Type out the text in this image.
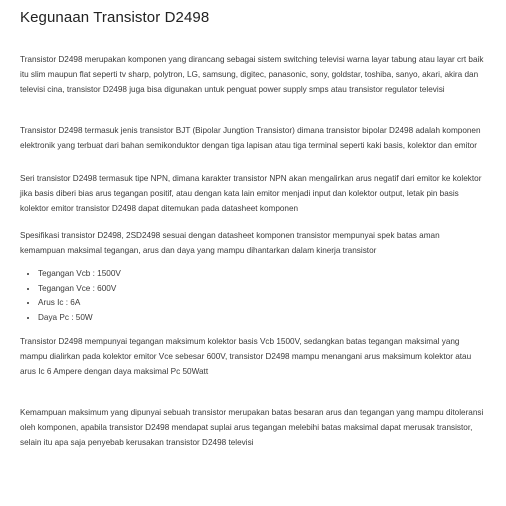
Kegunaan Transistor D2498

Transistor D2498 merupakan komponen yang dirancang sebagai sistem switching televisi warna layar tabung atau layar crt baik itu slim maupun flat seperti tv sharp, polytron, LG, samsung, digitec, panasonic, sony, goldstar, toshiba, sanyo, akari, akira dan televisi cina, transistor D2498 juga bisa digunakan untuk penguat power supply smps atau transistor regulator televisi

Transistor D2498 termasuk jenis transistor BJT (Bipolar Jungtion Transistor) dimana transistor bipolar D2498 adalah komponen elektronik yang terbuat dari bahan semikonduktor dengan tiga lapisan atau tiga terminal seperti kaki basis, kolektor dan emitor

Seri transistor D2498 termasuk tipe NPN, dimana karakter transistor NPN akan mengalirkan arus negatif dari emitor ke kolektor jika basis diberi bias arus tegangan positif, atau dengan kata lain emitor menjadi input dan kolektor output, letak pin basis kolektor emitor transistor D2498 dapat ditemukan pada datasheet komponen

Spesifikasi transistor D2498, 2SD2498 sesuai dengan datasheet komponen transistor mempunyai spek batas aman kemampuan maksimal tegangan, arus dan daya yang mampu dihantarkan dalam kinerja transistor

• Tegangan Vcb : 1500V
• Tegangan Vce : 600V
• Arus Ic : 6A
• Daya Pc : 50W

Transistor D2498 mempunyai tegangan maksimum kolektor basis Vcb 1500V, sedangkan batas tegangan maksimal yang mampu dialirkan pada kolektor emitor Vce sebesar 600V, transistor D2498 mampu menangani arus maksimum kolektor atau arus Ic 6 Ampere dengan daya maksimal Pc 50Watt

Kemampuan maksimum yang dipunyai sebuah transistor merupakan batas besaran arus dan tegangan yang mampu ditoleransi oleh komponen, apabila transistor D2498 mendapat suplai arus tegangan melebihi batas maksimal dapat merusak transistor, selain itu apa saja penyebab kerusakan transistor D2498 televisi
